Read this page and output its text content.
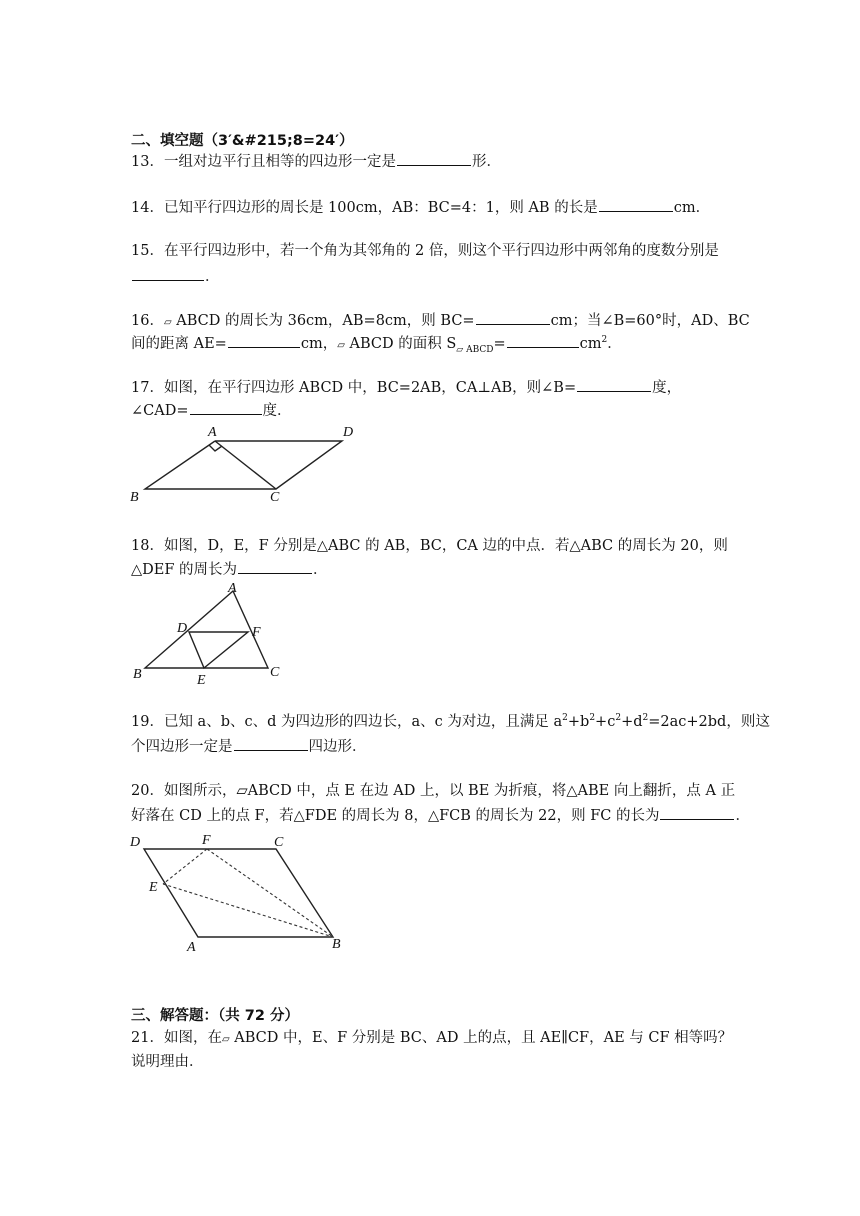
二、填空题（3′&#215;8=24′）
13．一组对边平行且相等的四边形一定是	形．
14．已知平行四边形的周长是 100cm，AB：BC=4：1，则 AB 的长是	cm．
15．在平行四边形中，若一个角为其邻角的 2 倍，则这个平行四边形中两邻角的度数分别是
．
16．▱ ABCD 的周长为 36cm，AB=8cm，则 BC=	cm；当∠B=60°时，AD、BC
间的距离 AE=	cm，▱ ABCD 的面积 $S_{▱ ABCD}=$	$cm^2$．
17．如图，在平行四边形 ABCD 中，BC=2AB，CA⊥AB，则∠B=	度，
∠CAD=	度．
A	D
B	C
18．如图，D，E，F 分别是△ABC 的 AB，BC，CA 边的中点．若△ABC 的周长为 20，则
△DEF 的周长为	．
A
D	F
B	C
E
19．已知 a、b、c、d 为四边形的四边长，a、c 为对边，且满足 $a^2+b^2+c^2+d^2=2ac+2bd$，则这
个四边形一定是	四边形．
20．如图所示，▱ABCD 中，点 E 在边 AD 上，以 BE 为折痕，将△ABE 向上翻折，点 A 正
好落在 CD 上的点 F，若△FDE 的周长为 8，△FCB 的周长为 22，则 FC 的长为	．
D	F	C
E
A	B
三、解答题：（共 72 分）
21．如图，在▱ ABCD 中，E、F 分别是 BC、AD 上的点，且 AE∥CF，AE 与 CF 相等吗？
说明理由．
